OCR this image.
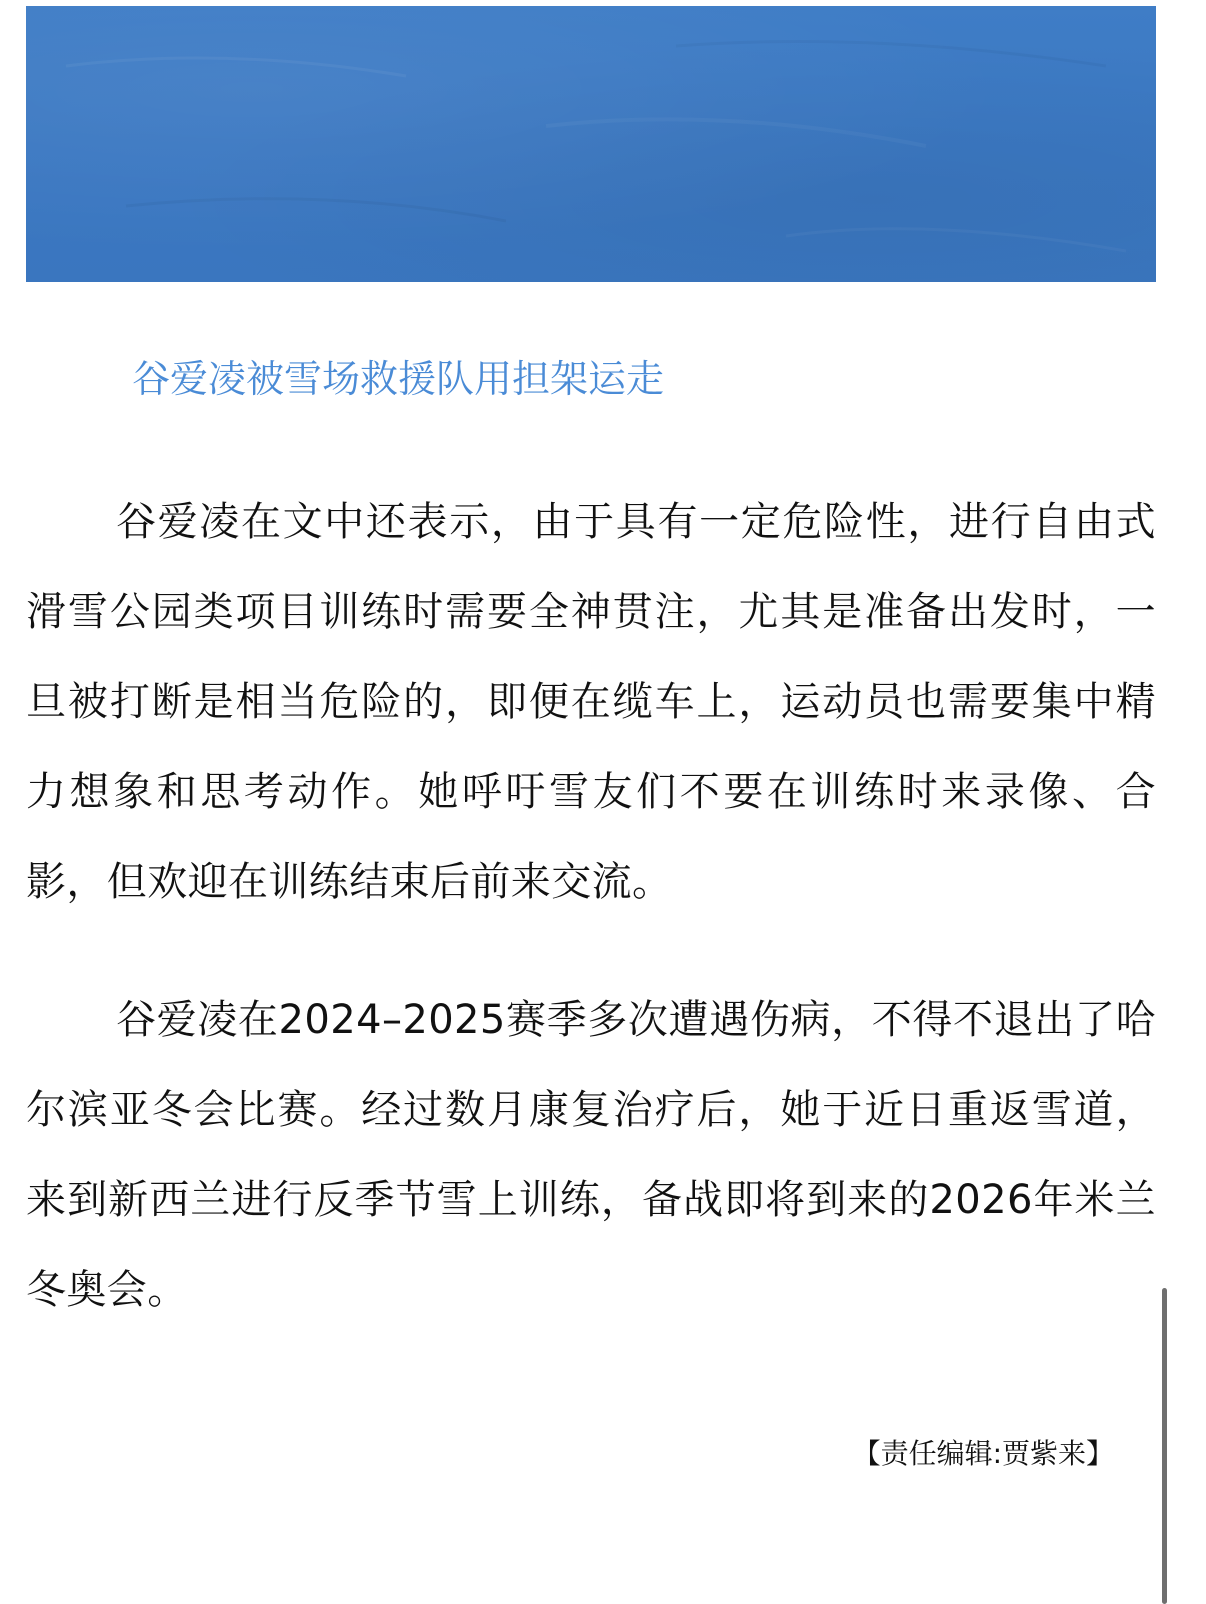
谷爱凌被雪场救援队用担架运走

谷爱凌在文中还表示，由于具有一定危险性，进行自由式滑雪公园类项目训练时需要全神贯注，尤其是准备出发时，一旦被打断是相当危险的，即便在缆车上，运动员也需要集中精力想象和思考动作。她呼吁雪友们不要在训练时来录像、合影，但欢迎在训练结束后前来交流。

谷爱凌在2024–2025赛季多次遭遇伤病，不得不退出了哈尔滨亚冬会比赛。经过数月康复治疗后，她于近日重返雪道，来到新西兰进行反季节雪上训练，备战即将到来的2026年米兰冬奥会。

【责任编辑:贾紫来】
